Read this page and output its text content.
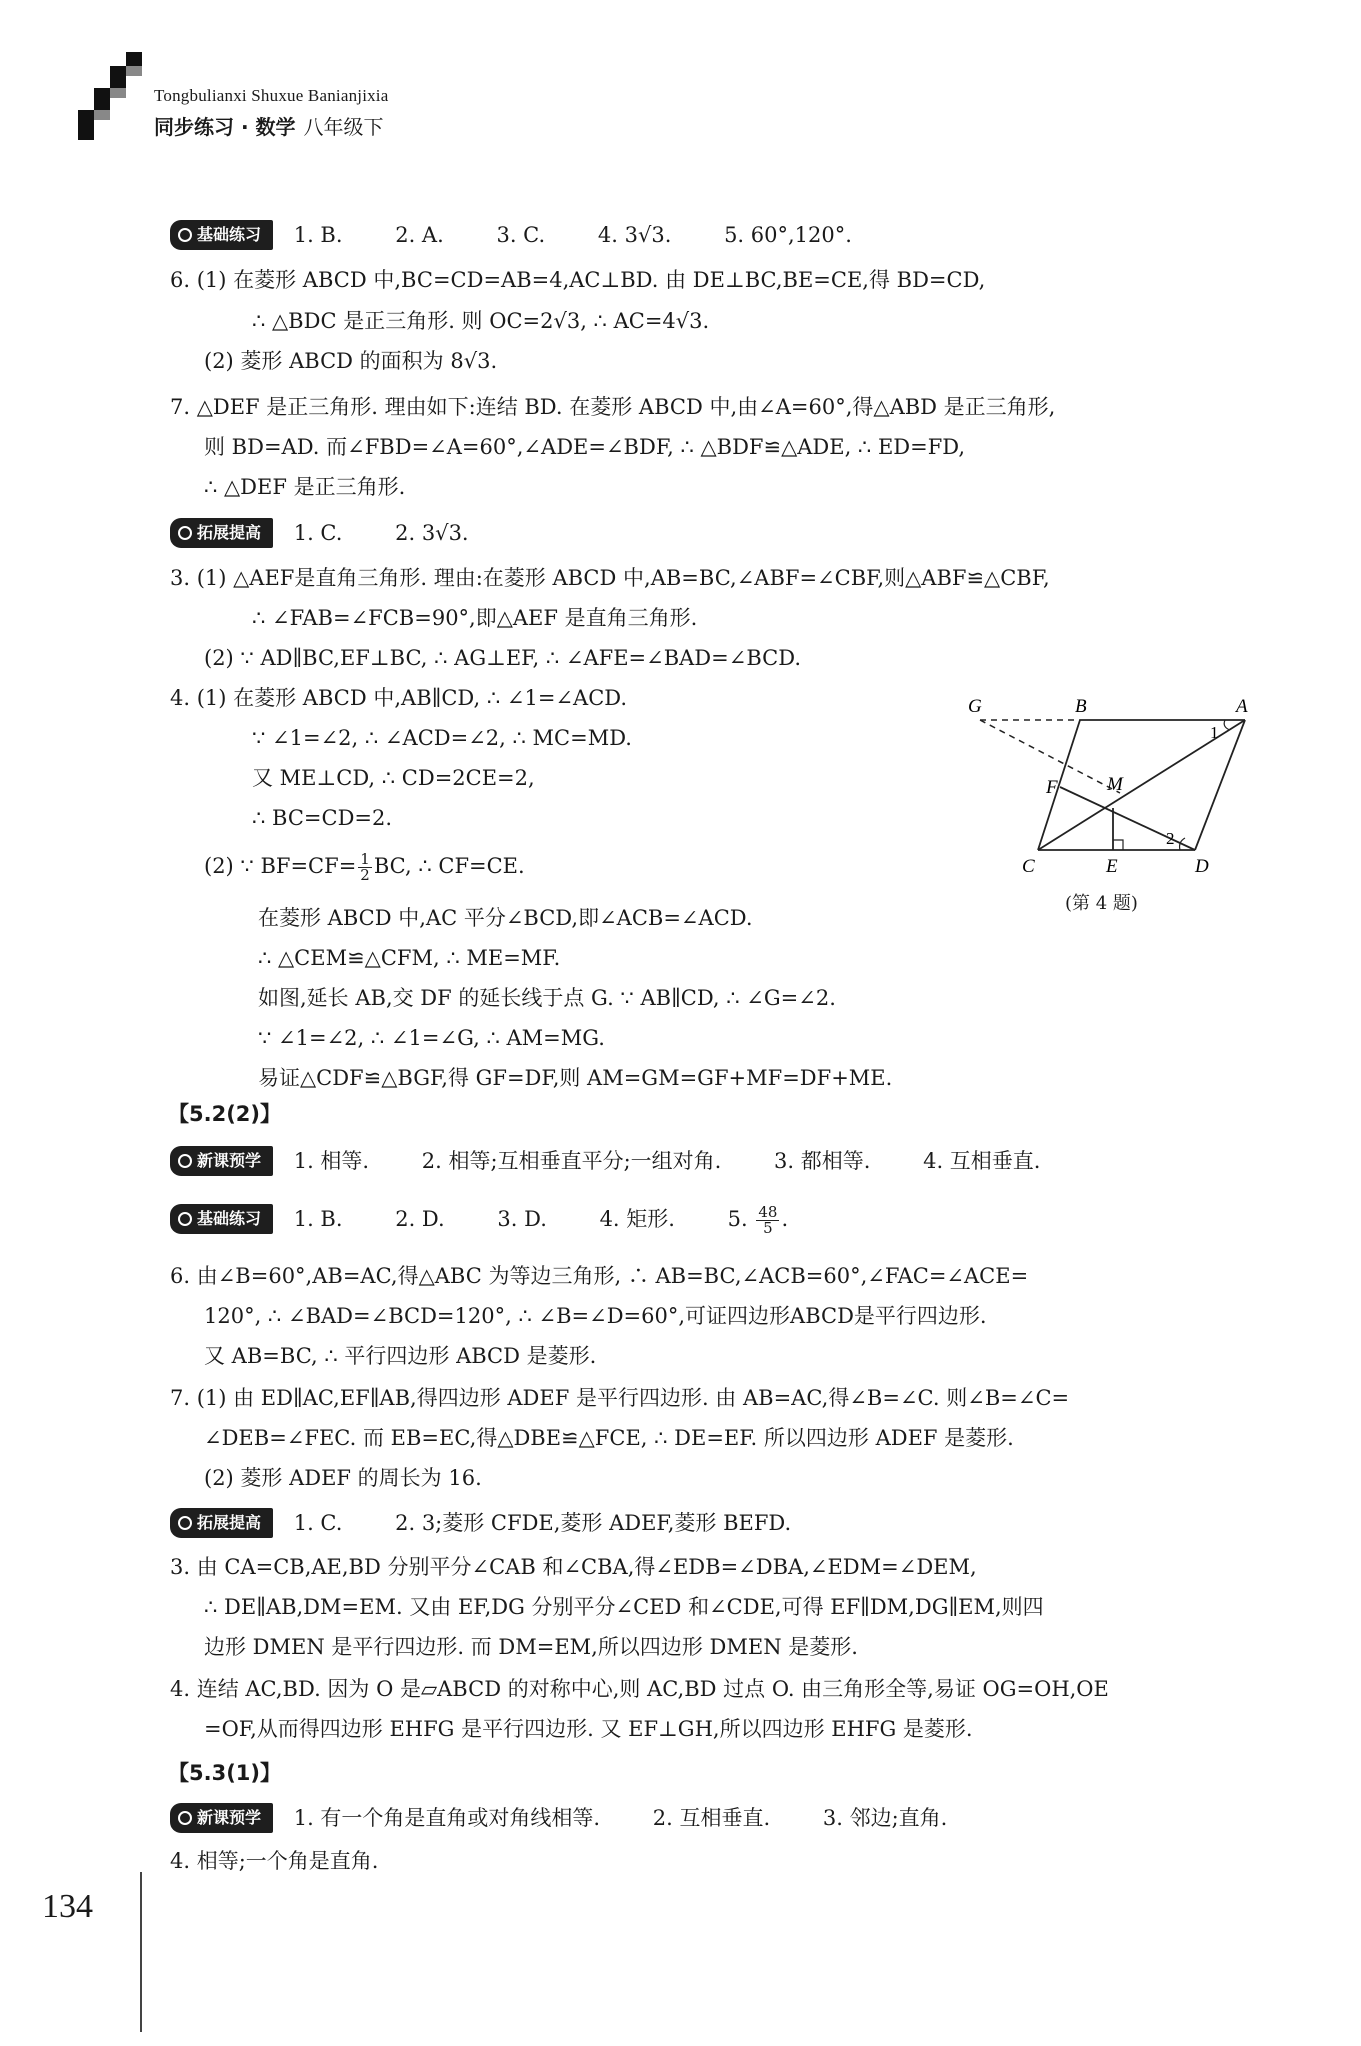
Tongbulianxi Shuxue Banianjixia
同步练习 · 数学 八年级下
基础练习 1. B.	2. A.	3. C.	4. 3√3.	5. 60°,120°.
6. (1) 在菱形 ABCD 中,BC=CD=AB=4,AC⊥BD. 由 DE⊥BC,BE=CE,得 BD=CD,
∴ △BDC 是正三角形. 则 OC=2√3, ∴ AC=4√3.
(2) 菱形 ABCD 的面积为 8√3.
7. △DEF 是正三角形. 理由如下:连结 BD. 在菱形 ABCD 中,由∠A=60°,得△ABD 是正三角形,
则 BD=AD. 而∠FBD=∠A=60°,∠ADE=∠BDF, ∴ △BDF≌△ADE, ∴ ED=FD,
∴ △DEF 是正三角形.
拓展提高 1. C.	2. 3√3.
3. (1) △AEF是直角三角形. 理由:在菱形 ABCD 中,AB=BC,∠ABF=∠CBF,则△ABF≌△CBF,
∴ ∠FAB=∠FCB=90°,即△AEF 是直角三角形.
(2) ∵ AD∥BC,EF⊥BC, ∴ AG⊥EF, ∴ ∠AFE=∠BAD=∠BCD.
4. (1) 在菱形 ABCD 中,AB∥CD, ∴ ∠1=∠ACD.
∵ ∠1=∠2, ∴ ∠ACD=∠2, ∴ MC=MD.
又 ME⊥CD, ∴ CD=2CE=2,
∴ BC=CD=2.
(2) ∵ $BF=CF= \frac{1}{2}$ BC, ∴ CF=CE.
在菱形 ABCD 中,AC 平分∠BCD,即∠ACB=∠ACD.
∴ △CEM≌△CFM, ∴ ME=MF.
如图,延长 AB,交 DF 的延长线于点 G. ∵ AB∥CD, ∴ ∠G=∠2.
∵ ∠1=∠2, ∴ ∠1=∠G, ∴ AM=MG.
易证△CDF≌△BGF,得 GF=DF,则 AM=GM=GF+MF=DF+ME.
G	B	A
F	M
C	E	D
1
2
(第 4 题)
【5.2(2)】
新课预学 1. 相等.	2. 相等;互相垂直平分;一组对角.	3. 都相等.	4. 互相垂直.
基础练习 1. B.	2. D.	3. D.	4. 矩形.	5. $\frac{48}{5}$ .
6. 由∠B=60°,AB=AC,得△ABC 为等边三角形, ∴ AB=BC,∠ACB=60°,∠FAC=∠ACE=
120°, ∴ ∠BAD=∠BCD=120°, ∴ ∠B=∠D=60°,可证四边形ABCD是平行四边形.
又 AB=BC, ∴ 平行四边形 ABCD 是菱形.
7. (1) 由 ED∥AC,EF∥AB,得四边形 ADEF 是平行四边形. 由 AB=AC,得∠B=∠C. 则∠B=∠C=
∠DEB=∠FEC. 而 EB=EC,得△DBE≌△FCE, ∴ DE=EF. 所以四边形 ADEF 是菱形.
(2) 菱形 ADEF 的周长为 16.
拓展提高 1. C.	2. 3;菱形 CFDE,菱形 ADEF,菱形 BEFD.
3. 由 CA=CB,AE,BD 分别平分∠CAB 和∠CBA,得∠EDB=∠DBA,∠EDM=∠DEM,
∴ DE∥AB,DM=EM. 又由 EF,DG 分别平分∠CED 和∠CDE,可得 EF∥DM,DG∥EM,则四
边形 DMEN 是平行四边形. 而 DM=EM,所以四边形 DMEN 是菱形.
4. 连结 AC,BD. 因为 O 是▱ABCD 的对称中心,则 AC,BD 过点 O. 由三角形全等,易证 OG=OH,OE
=OF,从而得四边形 EHFG 是平行四边形. 又 EF⊥GH,所以四边形 EHFG 是菱形.
【5.3(1)】
新课预学 1. 有一个角是直角或对角线相等.	2. 互相垂直.	3. 邻边;直角.
4. 相等;一个角是直角.
134
